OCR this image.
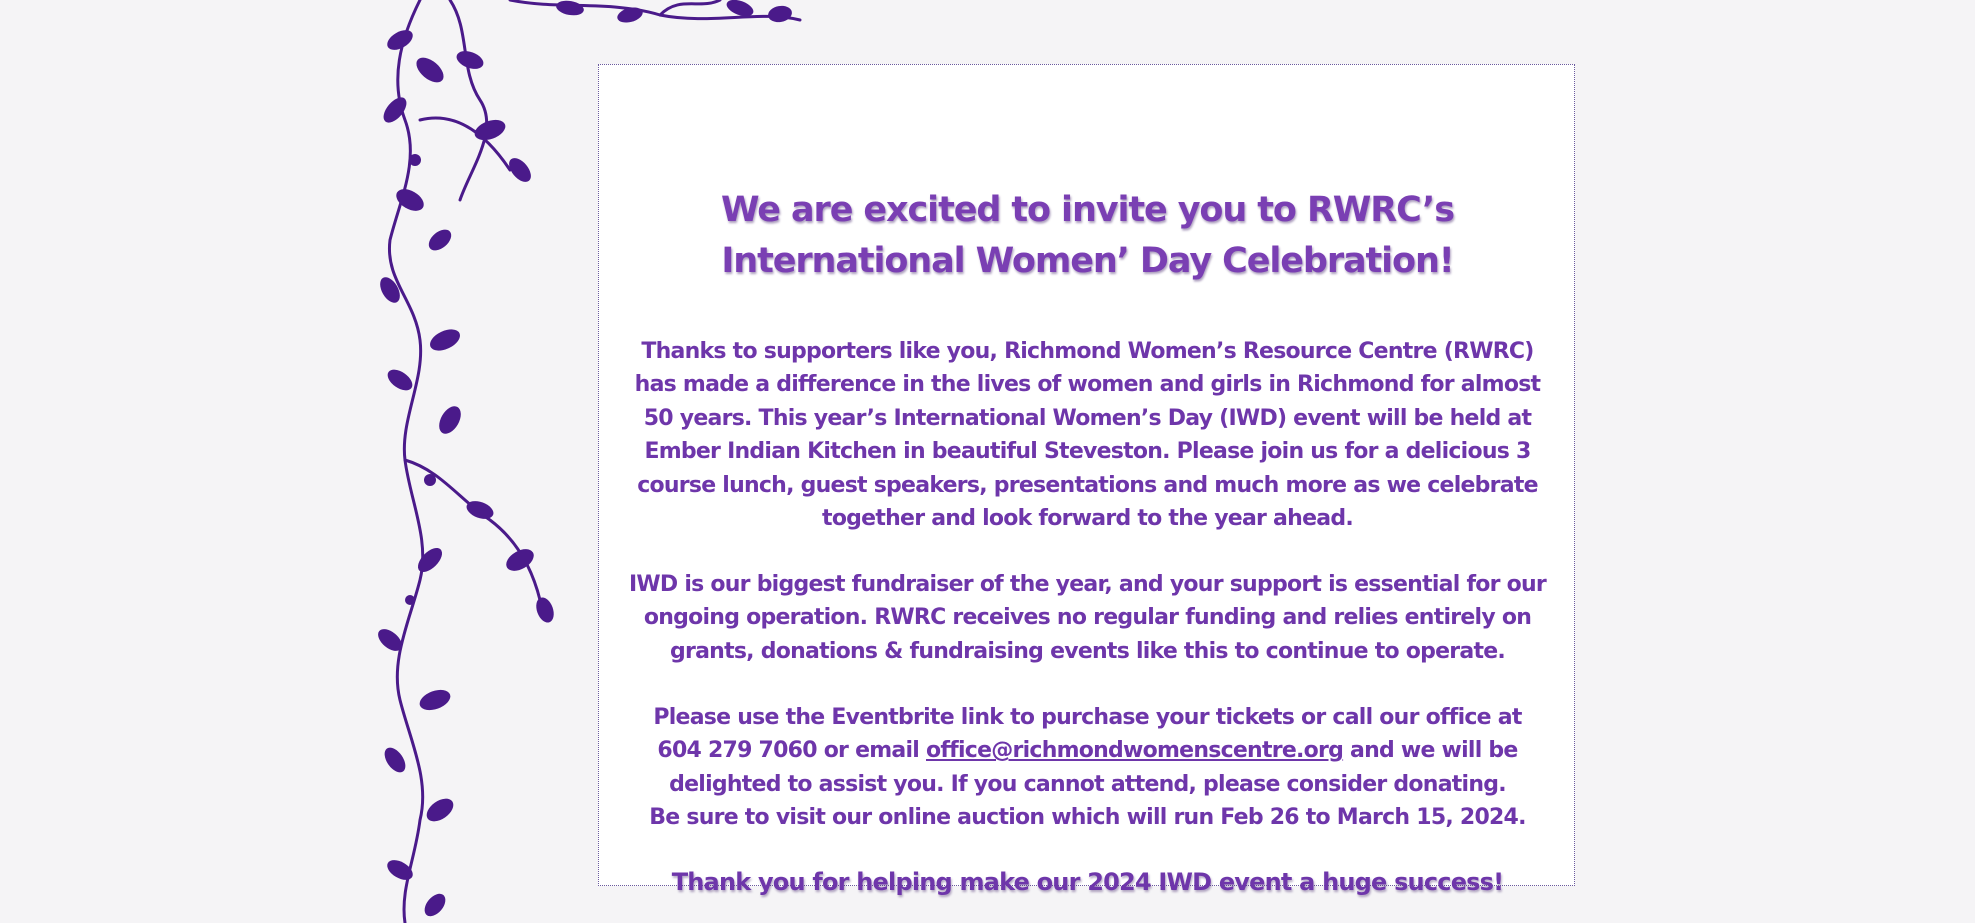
We are excited to invite you to RWRC’s
International Women’ Day Celebration!

Thanks to supporters like you, Richmond Women’s Resource Centre (RWRC)
has made a difference in the lives of women and girls in Richmond for almost
50 years. This year’s International Women’s Day (IWD) event will be held at
Ember Indian Kitchen in beautiful Steveston. Please join us for a delicious 3
course lunch, guest speakers, presentations and much more as we celebrate
together and look forward to the year ahead.

IWD is our biggest fundraiser of the year, and your support is essential for our
ongoing operation. RWRC receives no regular funding and relies entirely on
grants, donations & fundraising events like this to continue to operate.

Please use the Eventbrite link to purchase your tickets or call our office at
604 279 7060 or email office@richmondwomenscentre.org and we will be
delighted to assist you. If you cannot attend, please consider donating.
Be sure to visit our online auction which will run Feb 26 to March 15, 2024.

Thank you for helping make our 2024 IWD event a huge success!
